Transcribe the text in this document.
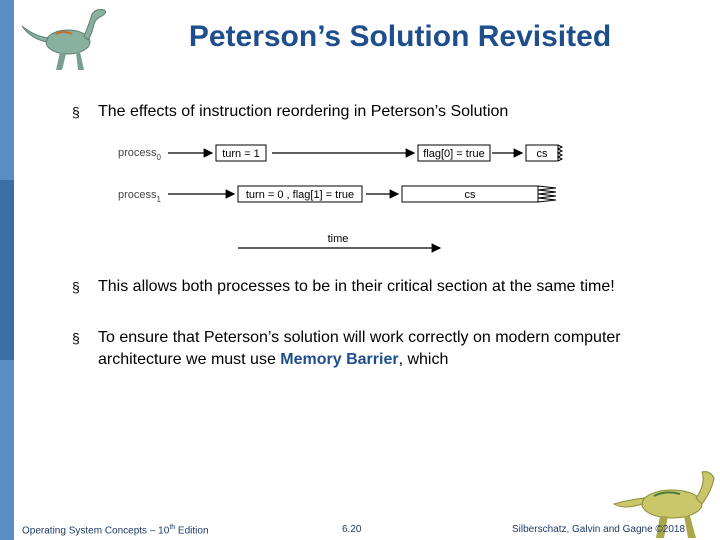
Peterson’s Solution Revisited
§	The effects of instruction reordering in Peterson’s Solution
process$_0$	turn = 1	flag[0] = true	cs
process$_1$	turn = 0 , flag[1] = true	cs
time
§	This allows both processes to be in their critical section at the same time!
§	To ensure that Peterson’s solution will work correctly on modern computer architecture we must use Memory Barrier, which
Operating System Concepts – 10th Edition	6.20	Silberschatz, Galvin and Gagne ©2018
